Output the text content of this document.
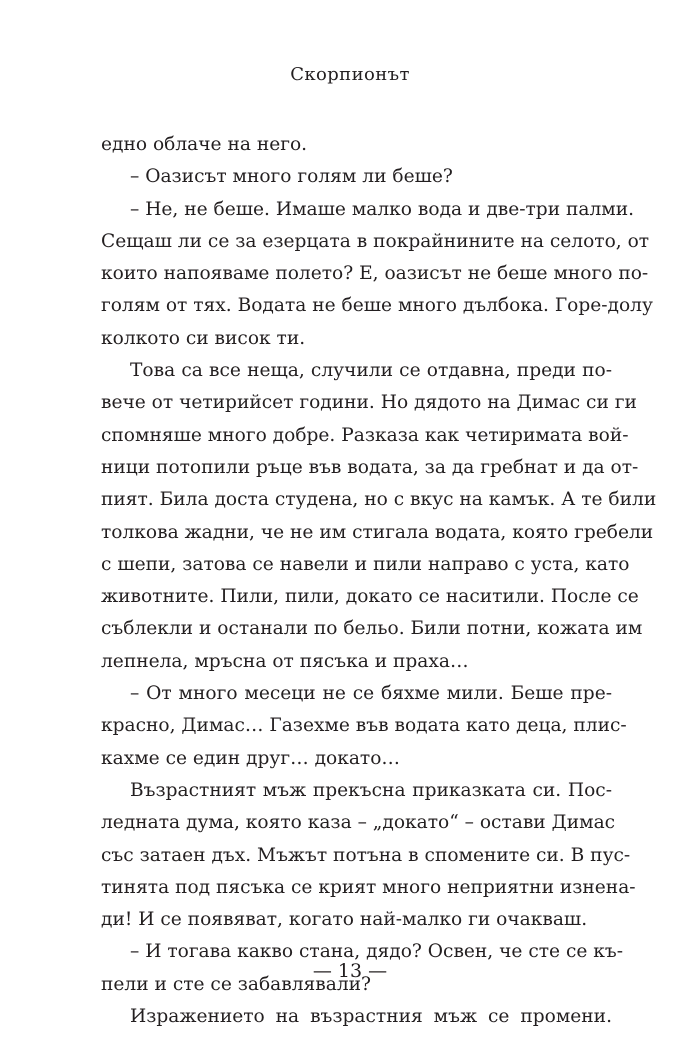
Скорпионът
едно облаче на него.
– Оазисът много голям ли беше?
– Не, не беше. Имаше малко вода и две-три палми.
Сещаш ли се за езерцата в покрайнините на селото, от
които напояваме полето? Е, оазисът не беше много по-
голям от тях. Водата не беше много дълбока. Горе-долу
колкото си висок ти.
Това са все неща, случили се отдавна, преди по-
вече от четирийсет години. Но дядото на Димас си ги
спомняше много добре. Разказа как четиримата вой-
ници потопили ръце във водата, за да гребнат и да от-
пият. Била доста студена, но с вкус на камък. А те били
толкова жадни, че не им стигала водата, която гребели
с шепи, затова се навели и пили направо с уста, като
животните. Пили, пили, докато се наситили. После се
съблекли и останали по бельо. Били потни, кожата им
лепнела, мръсна от пясъка и праха…
– От много месеци не се бяхме мили. Беше пре-
красно, Димас… Газехме във водата като деца, плис-
кахме се един друг… докато…
Възрастният мъж прекъсна приказката си. Пос-
ледната дума, която каза – „докато“ – остави Димас
със затаен дъх. Мъжът потъна в спомените си. В пус-
тинята под пясъка се крият много неприятни изнена-
ди! И се появяват, когато най-малко ги очакваш.
– И тогава какво стана, дядо? Освен, че сте се къ-
пели и сте се забавлявали?
Изражението на възрастния мъж се промени.
— 13 —
